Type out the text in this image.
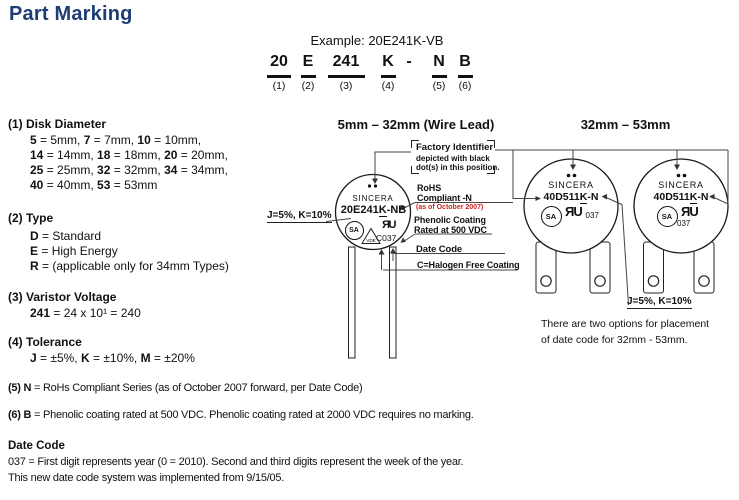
VDE
Part Marking
Example: 20E241K-VB
20
(1)
E
(2)
241
(3)
K
(4)
-	N
(5)
B
(6)
(1) Disk Diameter
5 = 5mm, 7 = 7mm, 10 = 10mm,
14 = 14mm, 18 = 18mm, 20 = 20mm,
25 = 25mm, 32 = 32mm, 34 = 34mm,
40 = 40mm, 53 = 53mm
(2) Type
D = Standard
E = High Energy
R = (applicable only for 34mm Types)
(3) Varistor Voltage
241 = 24 x 10¹ = 240
(4) Tolerance
J = ±5%, K = ±10%, M = ±20%
(5) N = RoHs Compliant Series (as of October 2007 forward, per Date Code)
(6) B = Phenolic coating rated at 500 VDC. Phenolic coating rated at 2000 VDC requires no marking.
Date Code
037 = First digit represents year (0 = 2010). Second and third digits represent the week of the year.
This new date code system was implemented from 9/15/05.
5mm – 32mm (Wire Lead)
Factory Identifier
depicted with black
dot(s) in this position.
J=5%, K=10%
SINCERA
20E241K-NB
SA RU
C037
RoHS
Compliant -N
(as of October 2007)
Phenolic Coating
Rated at 500 VDC
Date Code
C=Halogen Free Coating
32mm – 53mm
SINCERA
40D511K-N
SA RU 037
SINCERA
40D511K-N
SA RU
037
J=5%, K=10%
There are two options for placement
of date code for 32mm - 53mm.
